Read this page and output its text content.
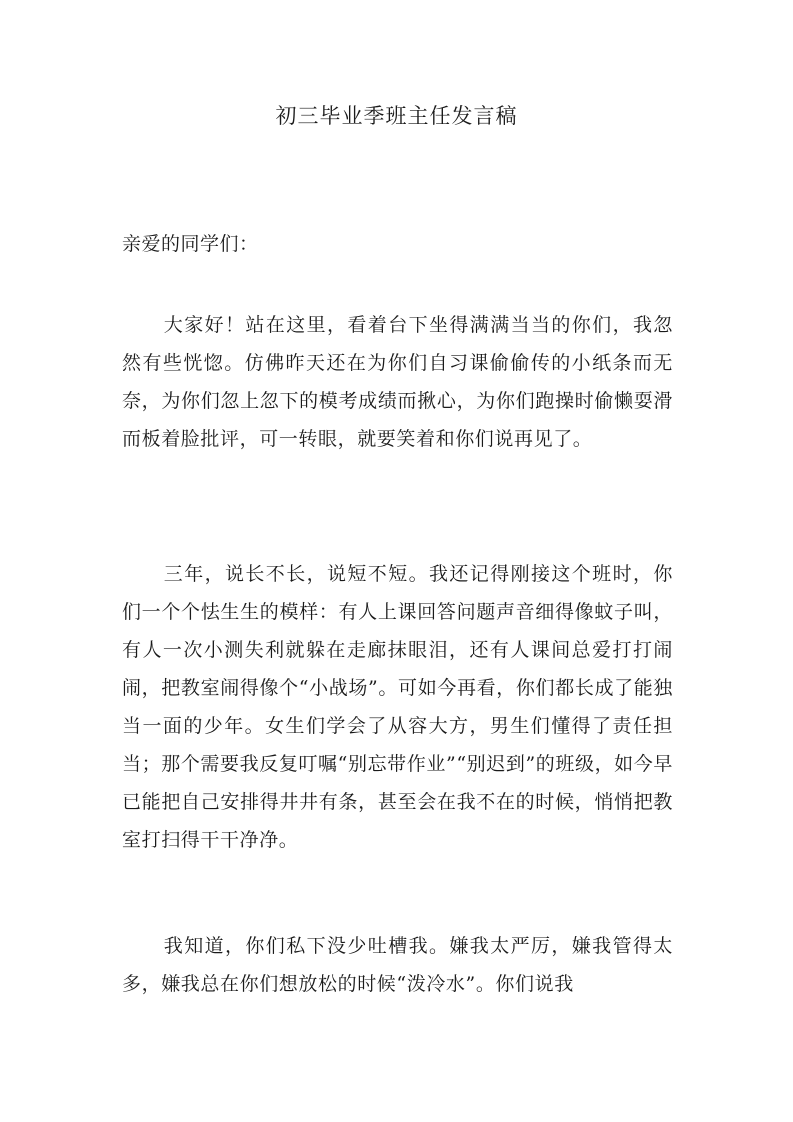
初三毕业季班主任发言稿
亲爱的同学们：

大家好！站在这里，看着台下坐得满满当当的你们，我忽然有些恍惚。仿佛昨天还在为你们自习课偷偷传的小纸条而无奈，为你们忽上忽下的模考成绩而揪心，为你们跑操时偷懒耍滑而板着脸批评，可一转眼，就要笑着和你们说再见了。

三年，说长不长，说短不短。我还记得刚接这个班时，你们一个个怯生生的模样：有人上课回答问题声音细得像蚊子叫，有人一次小测失利就躲在走廊抹眼泪，还有人课间总爱打打闹闹，把教室闹得像个“小战场”。可如今再看，你们都长成了能独当一面的少年。女生们学会了从容大方，男生们懂得了责任担当；那个需要我反复叮嘱“别忘带作业”“别迟到”的班级，如今早已能把自己安排得井井有条，甚至会在我不在的时候，悄悄把教室打扫得干干净净。

我知道，你们私下没少吐槽我。嫌我太严厉，嫌我管得太多，嫌我总在你们想放松的时候“泼冷水”。你们说我
